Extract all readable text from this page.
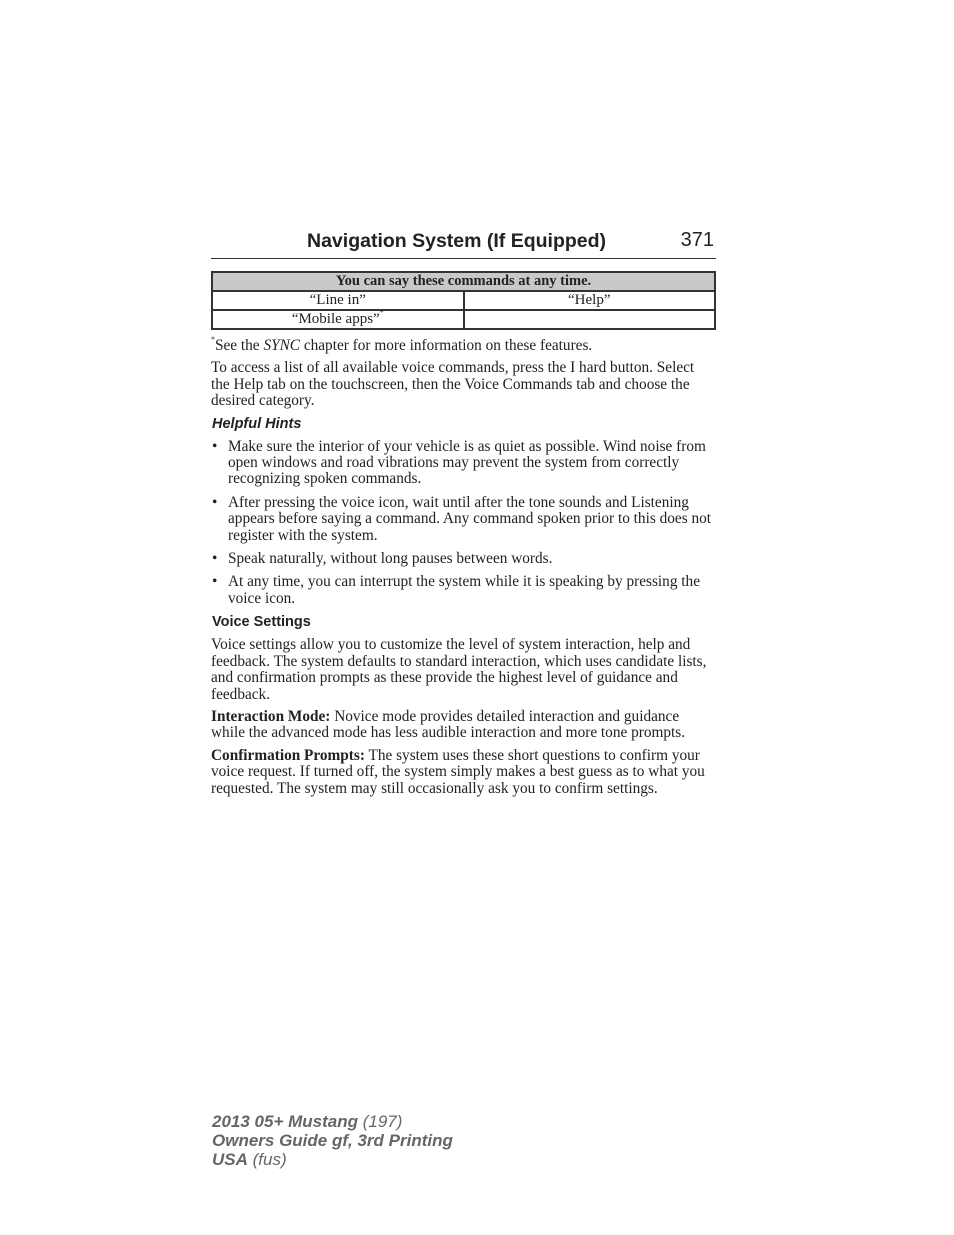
Navigation System (If Equipped)	371
You can say these commands at any time.	
“Line in”	“Help”
“Mobile apps”*	

*See the SYNC chapter for more information on these features.

To access a list of all available voice commands, press the I hard button. Select the Help tab on the touchscreen, then the Voice Commands tab and choose the desired category.

Helpful Hints
• Make sure the interior of your vehicle is as quiet as possible. Wind noise from open windows and road vibrations may prevent the system from correctly recognizing spoken commands.
• After pressing the voice icon, wait until after the tone sounds and Listening appears before saying a command. Any command spoken prior to this does not register with the system.
• Speak naturally, without long pauses between words.
• At any time, you can interrupt the system while it is speaking by pressing the voice icon.
Voice Settings

Voice settings allow you to customize the level of system interaction, help and feedback. The system defaults to standard interaction, which uses candidate lists, and confirmation prompts as these provide the highest level of guidance and feedback.

Interaction Mode: Novice mode provides detailed interaction and guidance while the advanced mode has less audible interaction and more tone prompts.

Confirmation Prompts: The system uses these short questions to confirm your voice request. If turned off, the system simply makes a best guess as to what you requested. The system may still occasionally ask you to confirm settings.

2013 05+ Mustang (197)
Owners Guide gf, 3rd Printing
USA (fus)
